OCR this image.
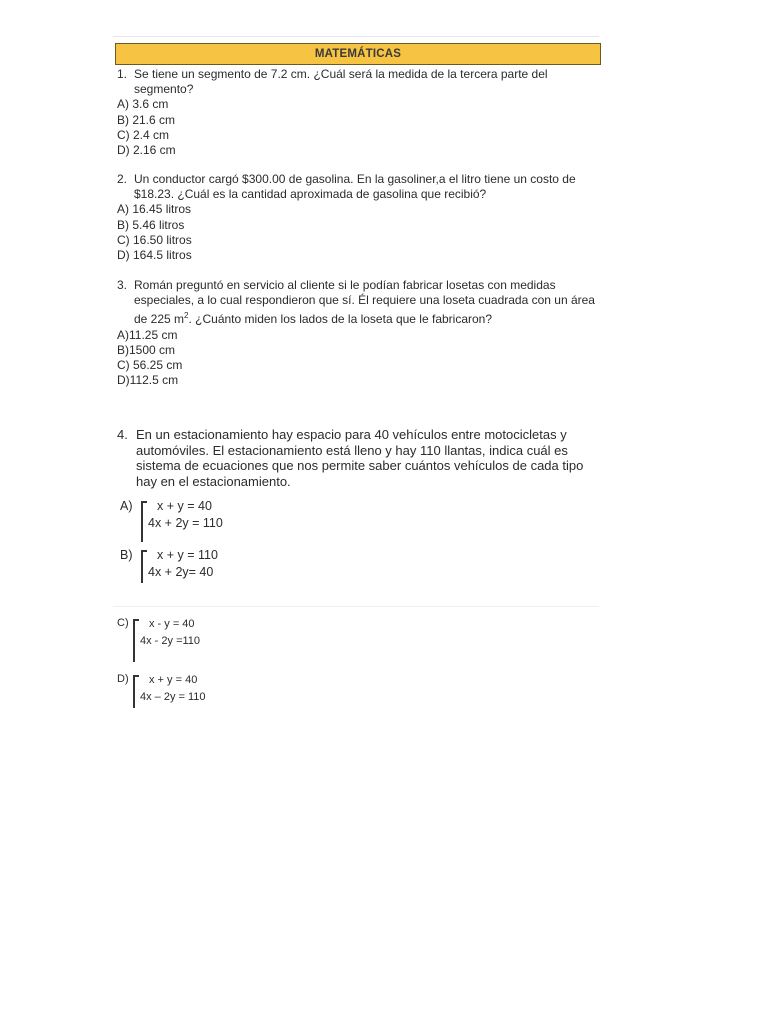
MATEMÁTICAS
1. Se tiene un segmento de 7.2 cm. ¿Cuál será la medida de la tercera parte del segmento?
A) 3.6 cm
B) 21.6 cm
C) 2.4 cm
D) 2.16 cm
2. Un conductor cargó $300.00 de gasolina. En la gasoliner,a el litro tiene un costo de $18.23. ¿Cuál es la cantidad aproximada de gasolina que recibió?
A) 16.45 litros
B) 5.46 litros
C) 16.50 litros
D) 164.5 litros
3. Román preguntó en servicio al cliente si le podían fabricar losetas con medidas especiales, a lo cual respondieron que sí. Él requiere una loseta cuadrada con un área de 225 $m^2$. ¿Cuánto miden los lados de la loseta que le fabricaron?
A)11.25 cm
B)1500 cm
C) 56.25 cm
D)112.5 cm
4. En un estacionamiento hay espacio para 40 vehículos entre motocicletas y automóviles. El estacionamiento está lleno y hay 110 llantas, indica cuál es sistema de ecuaciones que nos permite saber cuántos vehículos de cada tipo hay en el estacionamiento.
A)	x + y = 40
4x + 2y = 110
B)	x + y = 110
4x + 2y= 40
C)	x - y = 40
4x - 2y =110
D)	x + y = 40
4x – 2y = 110
